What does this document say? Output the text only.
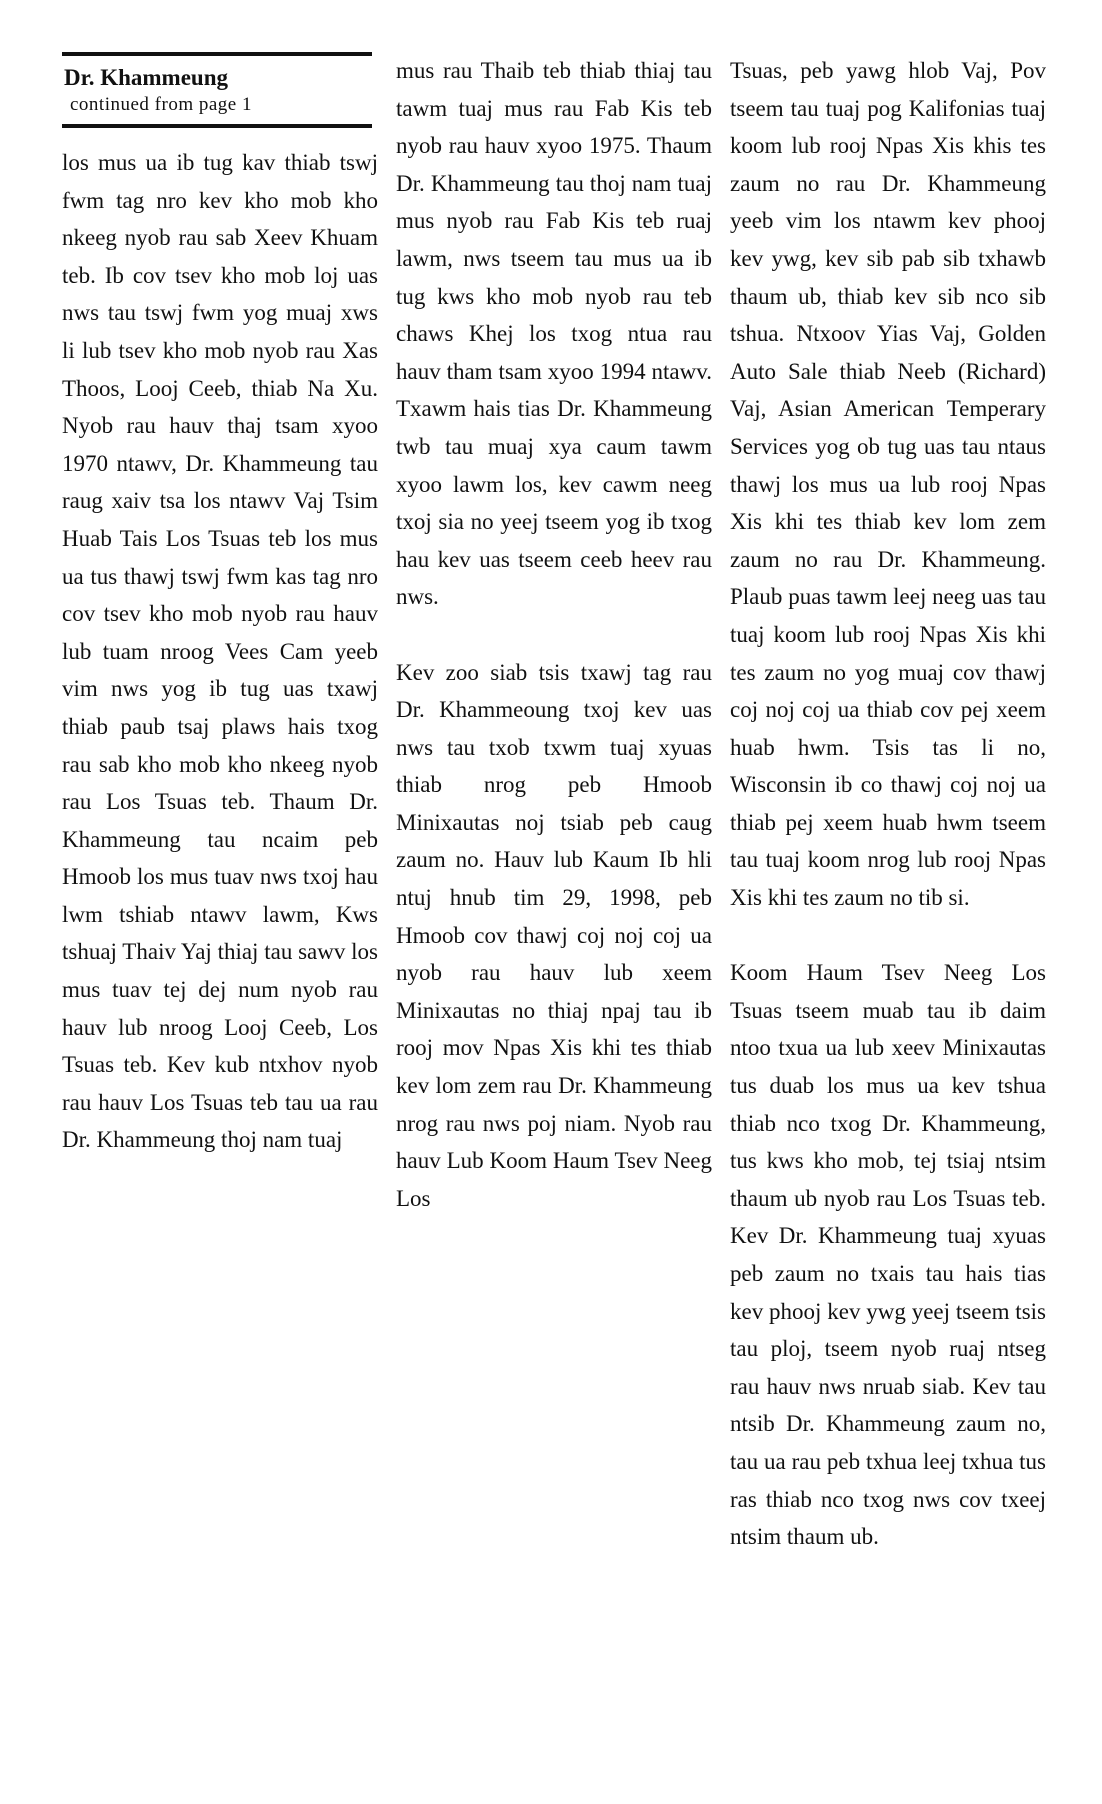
Dr. Khammeung
continued from page 1

los mus ua ib tug kav thiab tswj fwm tag nro kev kho mob kho nkeeg nyob rau sab Xeev Khuam teb. Ib cov tsev kho mob loj uas nws tau tswj fwm yog muaj xws li lub tsev kho mob nyob rau Xas Thoos, Looj Ceeb, thiab Na Xu. Nyob rau hauv thaj tsam xyoo 1970 ntawv, Dr. Khammeung tau raug xaiv tsa los ntawv Vaj Tsim Huab Tais Los Tsuas teb los mus ua tus thawj tswj fwm kas tag nro cov tsev kho mob nyob rau hauv lub tuam nroog Vees Cam yeeb vim nws yog ib tug uas txawj thiab paub tsaj plaws hais txog rau sab kho mob kho nkeeg nyob rau Los Tsuas teb. Thaum Dr. Khammeung tau ncaim peb Hmoob los mus tuav nws txoj hau lwm tshiab ntawv lawm, Kws tshuaj Thaiv Yaj thiaj tau sawv los mus tuav tej dej num nyob rau hauv lub nroog Looj Ceeb, Los Tsuas teb. Kev kub ntxhov nyob rau hauv Los Tsuas teb tau ua rau Dr. Khammeung thoj nam tuaj

mus rau Thaib teb thiab thiaj tau tawm tuaj mus rau Fab Kis teb nyob rau hauv xyoo 1975. Thaum Dr. Khammeung tau thoj nam tuaj mus nyob rau Fab Kis teb ruaj lawm, nws tseem tau mus ua ib tug kws kho mob nyob rau teb chaws Khej los txog ntua rau hauv tham tsam xyoo 1994 ntawv. Txawm hais tias Dr. Khammeung twb tau muaj xya caum tawm xyoo lawm los, kev cawm neeg txoj sia no yeej tseem yog ib txog hau kev uas tseem ceeb heev rau nws.

Kev zoo siab tsis txawj tag rau Dr. Khammeoung txoj kev uas nws tau txob txwm tuaj xyuas thiab nrog peb Hmoob Minixautas noj tsiab peb caug zaum no. Hauv lub Kaum Ib hli ntuj hnub tim 29, 1998, peb Hmoob cov thawj coj noj coj ua nyob rau hauv lub xeem Minixautas no thiaj npaj tau ib rooj mov Npas Xis khi tes thiab kev lom zem rau Dr. Khammeung nrog rau nws poj niam. Nyob rau hauv Lub Koom Haum Tsev Neeg Los

Tsuas, peb yawg hlob Vaj, Pov tseem tau tuaj pog Kalifonias tuaj koom lub rooj Npas Xis khis tes zaum no rau Dr. Khammeung yeeb vim los ntawm kev phooj kev ywg, kev sib pab sib txhawb thaum ub, thiab kev sib nco sib tshua. Ntxoov Yias Vaj, Golden Auto Sale thiab Neeb (Richard) Vaj, Asian American Temperary Services yog ob tug uas tau ntaus thawj los mus ua lub rooj Npas Xis khi tes thiab kev lom zem zaum no rau Dr. Khammeung. Plaub puas tawm leej neeg uas tau tuaj koom lub rooj Npas Xis khi tes zaum no yog muaj cov thawj coj noj coj ua thiab cov pej xeem huab hwm. Tsis tas li no, Wisconsin ib co thawj coj noj ua thiab pej xeem huab hwm tseem tau tuaj koom nrog lub rooj Npas Xis khi tes zaum no tib si.

Koom Haum Tsev Neeg Los Tsuas tseem muab tau ib daim ntoo txua ua lub xeev Minixautas tus duab los mus ua kev tshua thiab nco txog Dr. Khammeung, tus kws kho mob, tej tsiaj ntsim thaum ub nyob rau Los Tsuas teb. Kev Dr. Khammeung tuaj xyuas peb zaum no txais tau hais tias kev phooj kev ywg yeej tseem tsis tau ploj, tseem nyob ruaj ntseg rau hauv nws nruab siab. Kev tau ntsib Dr. Khammeung zaum no, tau ua rau peb txhua leej txhua tus ras thiab nco txog nws cov txeej ntsim thaum ub.
